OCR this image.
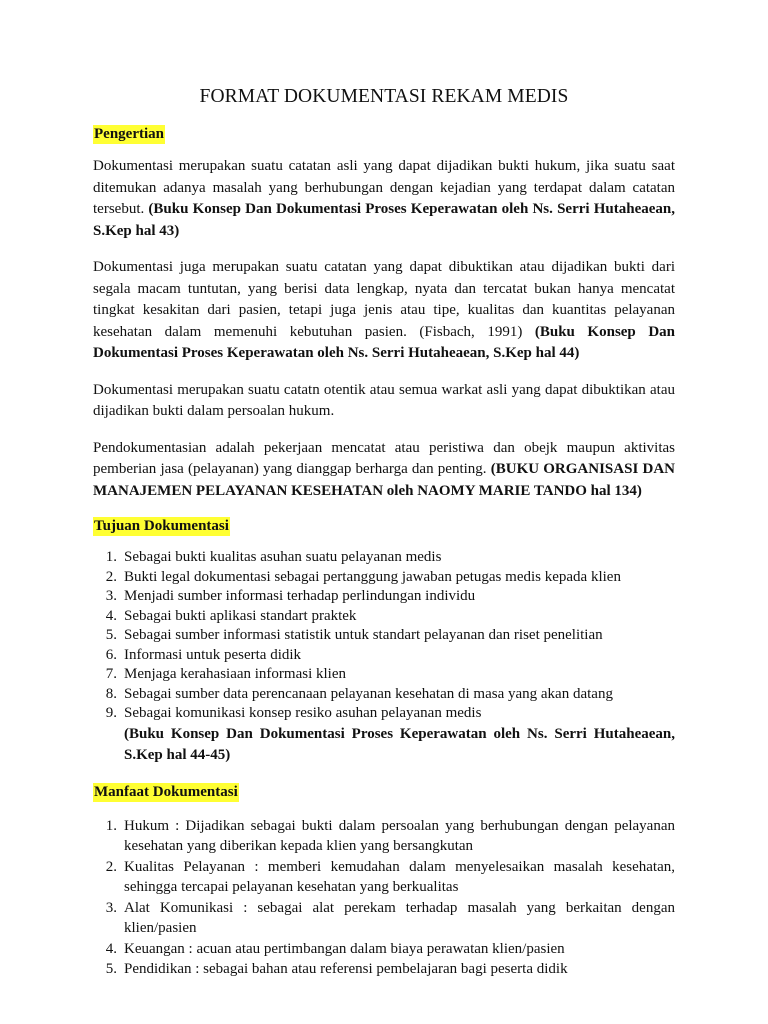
FORMAT DOKUMENTASI REKAM MEDIS
Pengertian

Dokumentasi merupakan suatu catatan asli yang dapat dijadikan bukti hukum, jika suatu saat ditemukan adanya masalah yang berhubungan dengan kejadian yang terdapat dalam catatan tersebut. (Buku Konsep Dan Dokumentasi Proses Keperawatan oleh Ns. Serri Hutaheaean, S.Kep hal 43)

Dokumentasi juga merupakan suatu catatan yang dapat dibuktikan atau dijadikan bukti dari segala macam tuntutan, yang berisi data lengkap, nyata dan tercatat bukan hanya mencatat tingkat kesakitan dari pasien, tetapi juga jenis atau tipe, kualitas dan kuantitas pelayanan kesehatan dalam memenuhi kebutuhan pasien. (Fisbach, 1991) (Buku Konsep Dan Dokumentasi Proses Keperawatan oleh Ns. Serri Hutaheaean, S.Kep hal 44)

Dokumentasi merupakan suatu catatn otentik atau semua warkat asli yang dapat dibuktikan atau dijadikan bukti dalam persoalan hukum.

Pendokumentasian adalah pekerjaan mencatat atau peristiwa dan obejk maupun aktivitas pemberian jasa (pelayanan) yang dianggap berharga dan penting. (BUKU ORGANISASI DAN MANAJEMEN PELAYANAN KESEHATAN oleh NAOMY MARIE TANDO hal 134)

Tujuan Dokumentasi
1. Sebagai bukti kualitas asuhan suatu pelayanan medis
2. Bukti legal dokumentasi sebagai pertanggung jawaban petugas medis kepada klien
3. Menjadi sumber informasi terhadap perlindungan individu
4. Sebagai bukti aplikasi standart praktek
5. Sebagai sumber informasi statistik untuk standart pelayanan dan riset penelitian
6. Informasi untuk peserta didik
7. Menjaga kerahasiaan informasi klien
8. Sebagai sumber data perencanaan pelayanan kesehatan di masa yang akan datang
9. Sebagai komunikasi konsep resiko asuhan pelayanan medis
(Buku Konsep Dan Dokumentasi Proses Keperawatan oleh Ns. Serri Hutaheaean, S.Kep hal 44-45)
Manfaat Dokumentasi
1. Hukum : Dijadikan sebagai bukti dalam persoalan yang berhubungan dengan pelayanan kesehatan yang diberikan kepada klien yang bersangkutan
2. Kualitas Pelayanan : memberi kemudahan dalam menyelesaikan masalah kesehatan, sehingga tercapai pelayanan kesehatan yang berkualitas
3. Alat Komunikasi : sebagai alat perekam terhadap masalah yang berkaitan dengan klien/pasien
4. Keuangan : acuan atau pertimbangan dalam biaya perawatan klien/pasien
5. Pendidikan : sebagai bahan atau referensi pembelajaran bagi peserta didik
